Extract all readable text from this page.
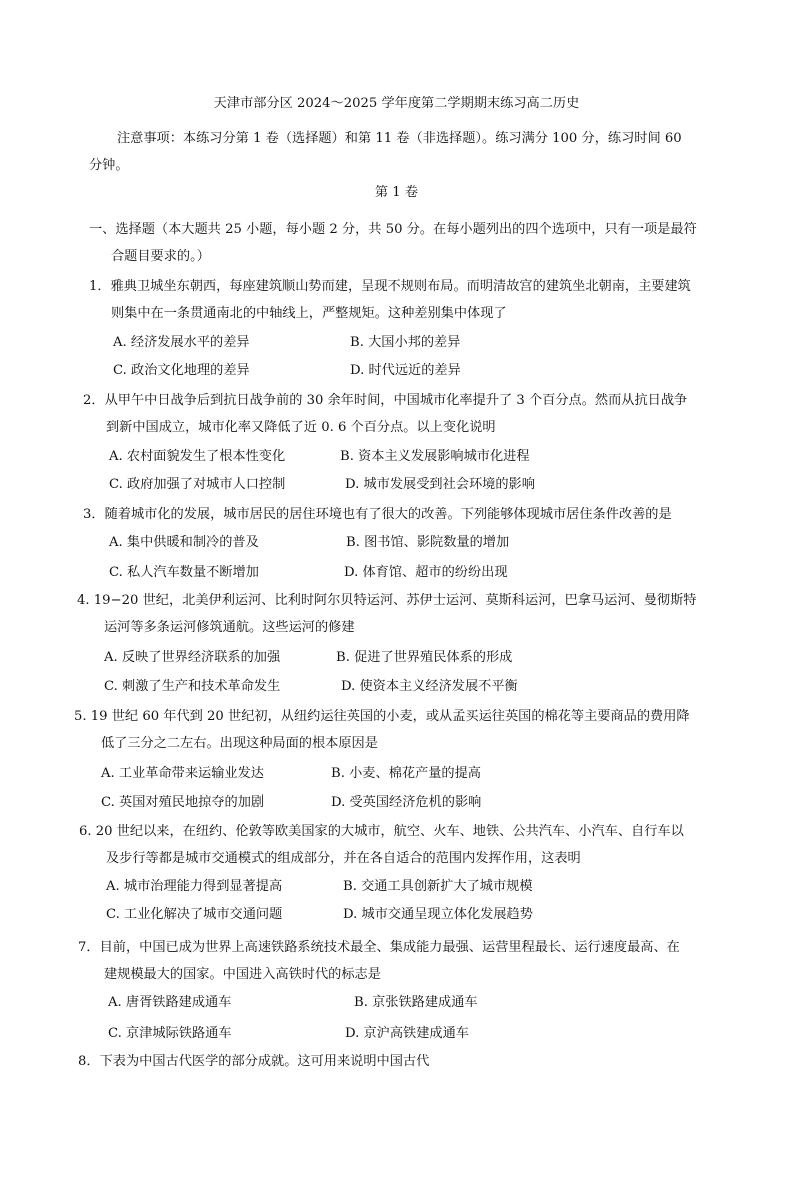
天津市部分区 2024～2025 学年度第二学期期末练习高二历史
注意事项：本练习分第 1 卷（选择题）和第 11 卷（非选择题）。练习满分 100 分，练习时间 60
分钟。
第 1 卷
一、选择题（本大题共 25 小题，每小题 2 分，共 50 分。在每小题列出的四个选项中，只有一项是最符
合题目要求的。）
1．雅典卫城坐东朝西，每座建筑顺山势而建，呈现不规则布局。而明清故宫的建筑坐北朝南，主要建筑
则集中在一条贯通南北的中轴线上，严整规矩。这种差别集中体现了
A. 经济发展水平的差异	B. 大国小邦的差异
C. 政治文化地理的差异	D. 时代远近的差异
2．从甲午中日战争后到抗日战争前的 30 余年时间，中国城市化率提升了 3 个百分点。然而从抗日战争
到新中国成立，城市化率又降低了近 0. 6 个百分点。以上变化说明
A. 农村面貌发生了根本性变化	B. 资本主义发展影响城市化进程
C. 政府加强了对城市人口控制	D. 城市发展受到社会环境的影响
3．随着城市化的发展，城市居民的居住环境也有了很大的改善。下列能够体现城市居住条件改善的是
A. 集中供暖和制冷的普及	B. 图书馆、影院数量的增加
C. 私人汽车数量不断增加	D. 体育馆、超市的纷纷出现
4. 19−20 世纪，北美伊利运河、比利时阿尔贝特运河、苏伊士运河、莫斯科运河，巴拿马运河、曼彻斯特
运河等多条运河修筑通航。这些运河的修建
A. 反映了世界经济联系的加强	B. 促进了世界殖民体系的形成
C. 刺激了生产和技术革命发生	D. 使资本主义经济发展不平衡
5. 19 世纪 60 年代到 20 世纪初，从纽约运往英国的小麦，或从孟买运往英国的棉花等主要商品的费用降
低了三分之二左右。出现这种局面的根本原因是
A. 工业革命带来运输业发达	B. 小麦、棉花产量的提高
C. 英国对殖民地掠夺的加剧	D. 受英国经济危机的影响
6. 20 世纪以来，在纽约、伦敦等欧美国家的大城市，航空、火车、地铁、公共汽车、小汽车、自行车以
及步行等都是城市交通模式的组成部分，并在各自适合的范围内发挥作用，这表明
A. 城市治理能力得到显著提高	B. 交通工具创新扩大了城市规模
C. 工业化解决了城市交通问题	D. 城市交通呈现立体化发展趋势
7．目前，中国已成为世界上高速铁路系统技术最全、集成能力最强、运营里程最长、运行速度最高、在
建规模最大的国家。中国进入高铁时代的标志是
A. 唐胥铁路建成通车	B. 京张铁路建成通车
C. 京津城际铁路通车	D. 京沪高铁建成通车
8．下表为中国古代医学的部分成就。这可用来说明中国古代
